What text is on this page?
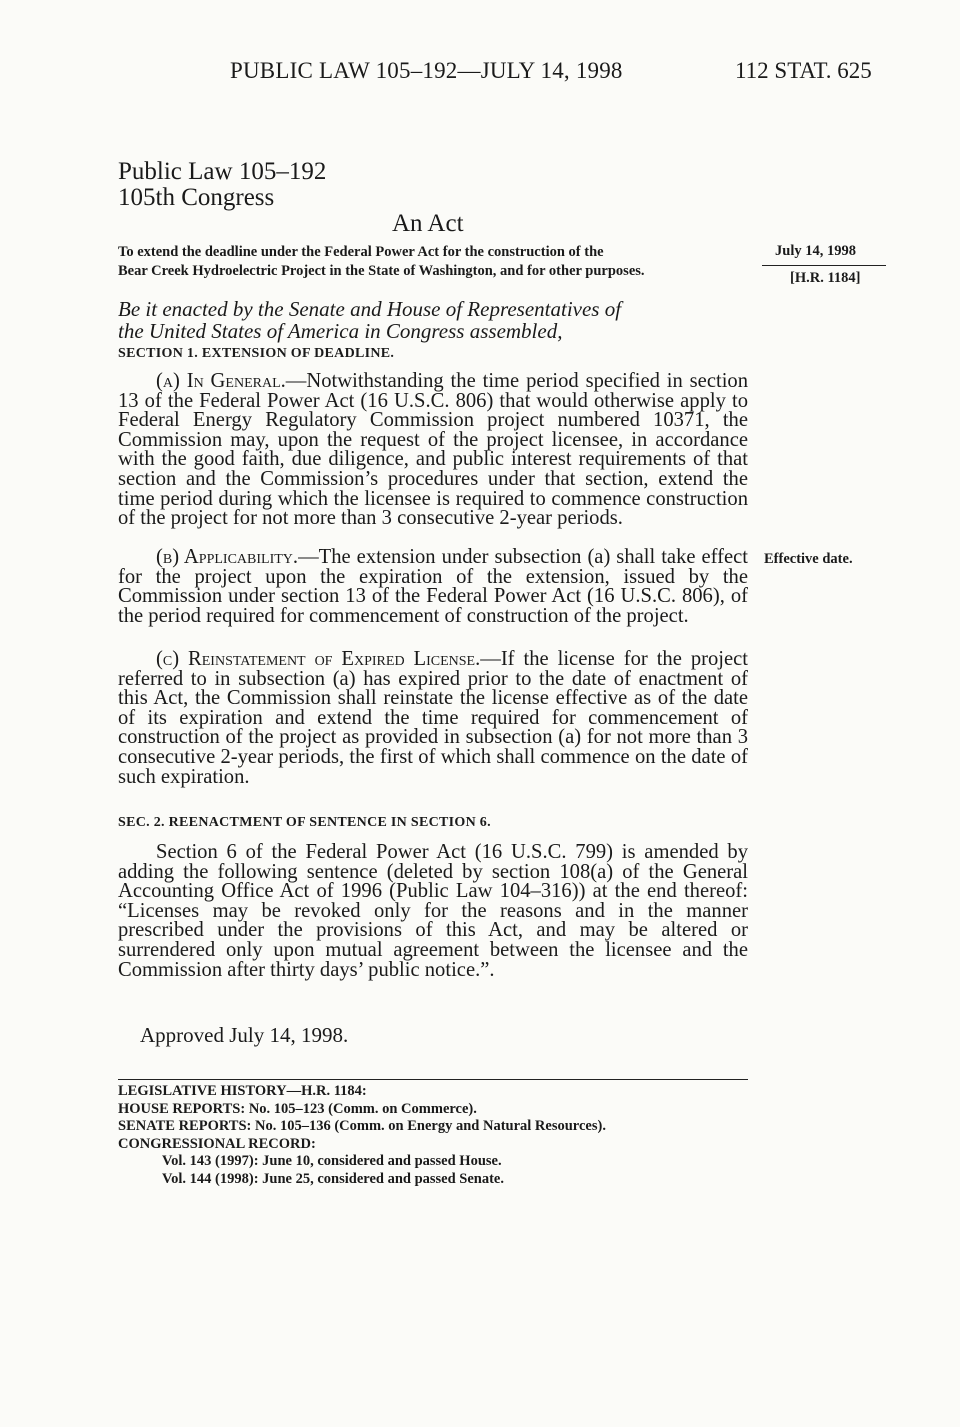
PUBLIC LAW 105–192—JULY 14, 1998	112 STAT. 625
Public Law 105–192
105th Congress
An Act
To extend the deadline under the Federal Power Act for the construction of the
Bear Creek Hydroelectric Project in the State of Washington, and for other purposes.
July 14, 1998
[H.R. 1184]
Be it enacted by the Senate and House of Representatives of
the United States of America in Congress assembled,
SECTION 1. EXTENSION OF DEADLINE.

(a) In General.—Notwithstanding the time period specified in section 13 of the Federal Power Act (16 U.S.C. 806) that would otherwise apply to Federal Energy Regulatory Commission project numbered 10371, the Commission may, upon the request of the project licensee, in accordance with the good faith, due diligence, and public interest requirements of that section and the Commission’s procedures under that section, extend the time period during which the licensee is required to commence construction of the project for not more than 3 consecutive 2-year periods.

(b) Applicability.—The extension under subsection (a) shall take effect for the project upon the expiration of the extension, issued by the Commission under section 13 of the Federal Power Act (16 U.S.C. 806), of the period required for commencement of construction of the project.

Effective date.

(c) Reinstatement of Expired License.—If the license for the project referred to in subsection (a) has expired prior to the date of enactment of this Act, the Commission shall reinstate the license effective as of the date of its expiration and extend the time required for commencement of construction of the project as provided in subsection (a) for not more than 3 consecutive 2-year periods, the first of which shall commence on the date of such expiration.

SEC. 2. REENACTMENT OF SENTENCE IN SECTION 6.

Section 6 of the Federal Power Act (16 U.S.C. 799) is amended by adding the following sentence (deleted by section 108(a) of the General Accounting Office Act of 1996 (Public Law 104–316)) at the end thereof: “Licenses may be revoked only for the reasons and in the manner prescribed under the provisions of this Act, and may be altered or surrendered only upon mutual agreement between the licensee and the Commission after thirty days’ public notice.”.

Approved July 14, 1998.
LEGISLATIVE HISTORY—H.R. 1184:
HOUSE REPORTS: No. 105–123 (Comm. on Commerce).
SENATE REPORTS: No. 105–136 (Comm. on Energy and Natural Resources).
CONGRESSIONAL RECORD:
Vol. 143 (1997): June 10, considered and passed House.
Vol. 144 (1998): June 25, considered and passed Senate.
